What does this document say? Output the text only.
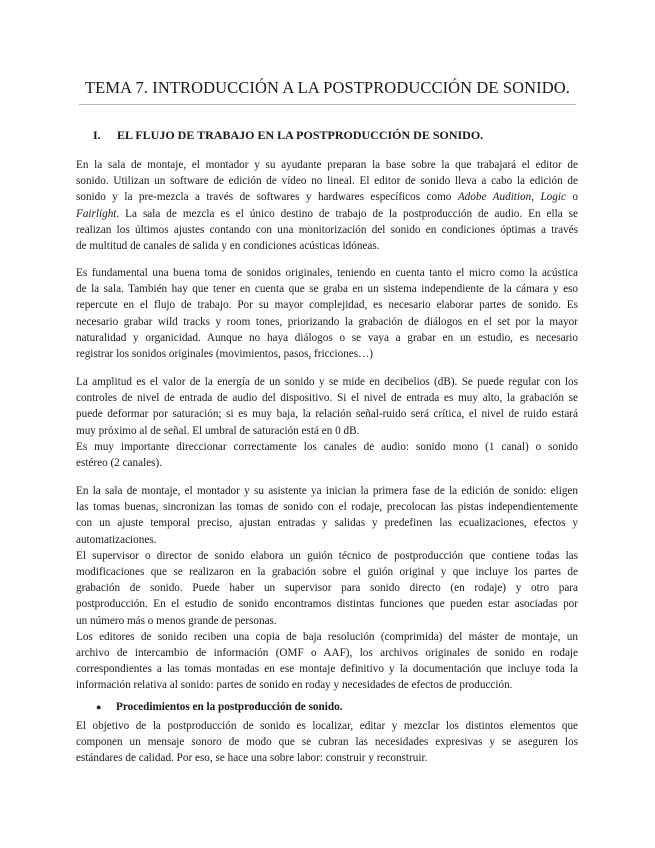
TEMA 7. INTRODUCCIÓN A LA POSTPRODUCCIÓN DE SONIDO.
I. EL FLUJO DE TRABAJO EN LA POSTPRODUCCIÓN DE SONIDO.
En la sala de montaje, el montador y su ayudante preparan la base sobre la que trabajará el editor de
sonido. Utilizan un software de edición de vídeo no lineal. El editor de sonido lleva a cabo la edición de
sonido y la pre-mezcla a través de softwares y hardwares específicos como Adobe Audition, Logic o
Fairlight. La sala de mezcla es el único destino de trabajo de la postproducción de audio. En ella se
realizan los últimos ajustes contando con una monitorización del sonido en condiciones óptimas a través
de multitud de canales de salida y en condiciones acústicas idóneas.
Es fundamental una buena toma de sonidos originales, teniendo en cuenta tanto el micro como la acústica
de la sala. También hay que tener en cuenta que se graba en un sistema independiente de la cámara y eso
repercute en el flujo de trabajo. Por su mayor complejidad, es necesario elaborar partes de sonido. Es
necesario grabar wild tracks y room tones, priorizando la grabación de diálogos en el set por la mayor
naturalidad y organicidad. Aunque no haya diálogos o se vaya a grabar en un estudio, es necesario
registrar los sonidos originales (movimientos, pasos, fricciones…)
La amplitud es el valor de la energía de un sonido y se mide en decibelios (dB). Se puede regular con los
controles de nivel de entrada de audio del dispositivo. Si el nivel de entrada es muy alto, la grabación se
puede deformar por saturación; si es muy baja, la relación señal-ruido será crítica, el nivel de ruido estará
muy próximo al de señal. El umbral de saturación está en 0 dB.
Es muy importante direccionar correctamente los canales de audio: sonido mono (1 canal) o sonido
estéreo (2 canales).
En la sala de montaje, el montador y su asistente ya inician la primera fase de la edición de sonido: eligen
las tomas buenas, sincronizan las tomas de sonido con el rodaje, precolocan las pistas independientemente
con un ajuste temporal preciso, ajustan entradas y salidas y predefinen las ecualizaciones, efectos y
automatizaciones.
El supervisor o director de sonido elabora un guión técnico de postproducción que contiene todas las
modificaciones que se realizaron en la grabación sobre el guión original y que incluye los partes de
grabación de sonido. Puede haber un supervisor para sonido directo (en rodaje) y otro para
postproducción. En el estudio de sonido encontramos distintas funciones que pueden estar asociadas por
un número más o menos grande de personas.
Los editores de sonido reciben una copia de baja resolución (comprimida) del máster de montaje, un
archivo de intercambio de información (OMF o AAF), los archivos originales de sonido en rodaje
correspondientes a las tomas montadas en ese montaje definitivo y la documentación que incluye toda la
información relativa al sonido: partes de sonido en roday y necesidades de efectos de producción.
● Procedimientos en la postproducción de sonido.
El objetivo de la postproducción de sonido es localizar, editar y mezclar los distintos elementos que
componen un mensaje sonoro de modo que se cubran las necesidades expresivas y se aseguren los
estándares de calidad. Por eso, se hace una sobre labor: construir y reconstruir.
